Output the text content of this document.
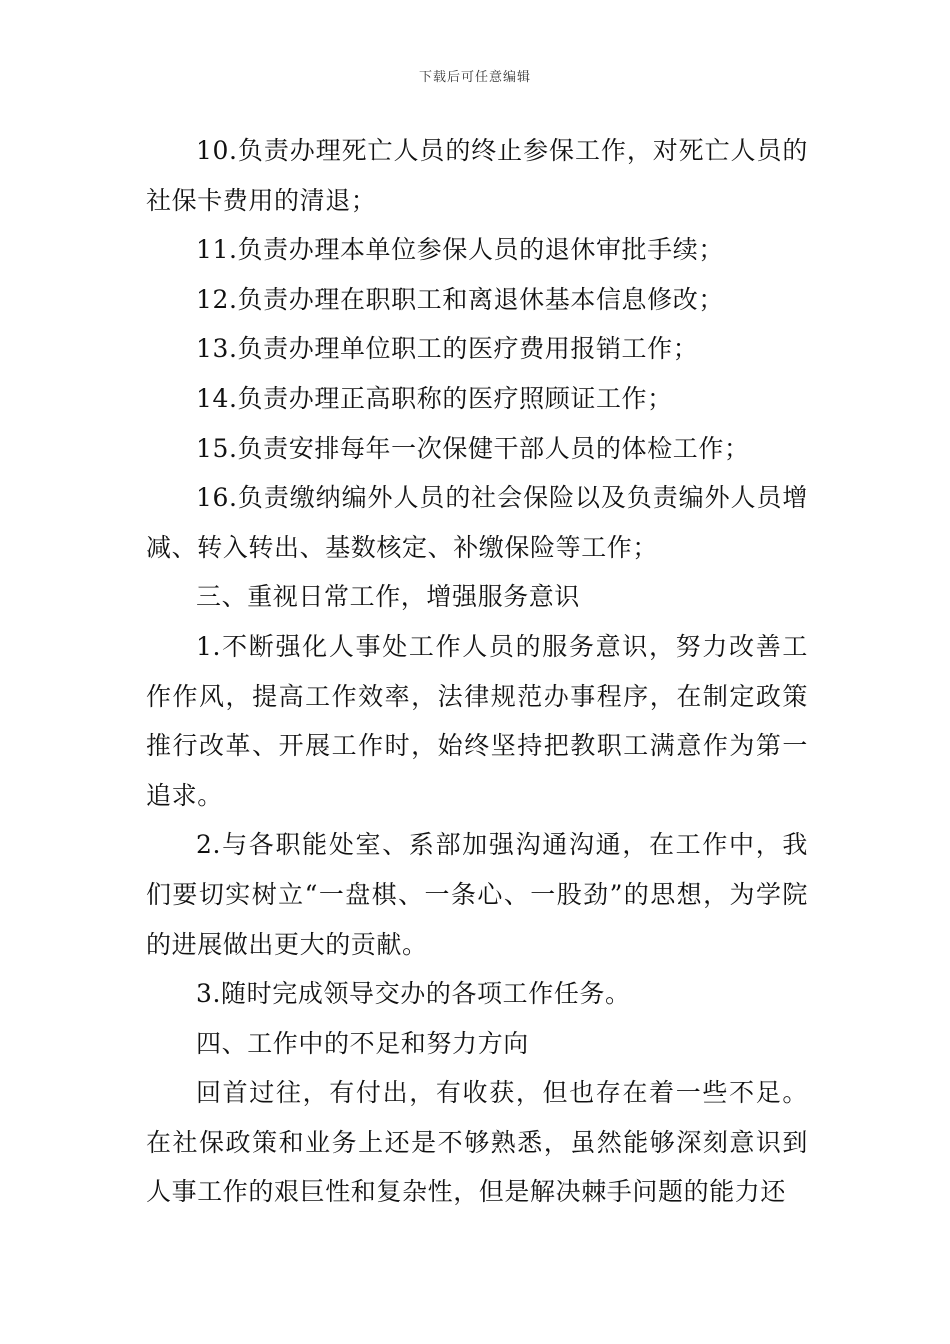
下载后可任意编辑

10.负责办理死亡人员的终止参保工作，对死亡人员的社保卡费用的清退；

11.负责办理本单位参保人员的退休审批手续；

12.负责办理在职职工和离退休基本信息修改；

13.负责办理单位职工的医疗费用报销工作；

14.负责办理正高职称的医疗照顾证工作；

15.负责安排每年一次保健干部人员的体检工作；

16.负责缴纳编外人员的社会保险以及负责编外人员增减、转入转出、基数核定、补缴保险等工作；

三、重视日常工作，增强服务意识

1.不断强化人事处工作人员的服务意识，努力改善工作作风，提高工作效率，法律规范办事程序，在制定政策推行改革、开展工作时，始终坚持把教职工满意作为第一追求。

2.与各职能处室、系部加强沟通沟通，在工作中，我们要切实树立“一盘棋、一条心、一股劲”的思想，为学院的进展做出更大的贡献。

3.随时完成领导交办的各项工作任务。

四、工作中的不足和努力方向

回首过往，有付出，有收获，但也存在着一些不足。在社保政策和业务上还是不够熟悉，虽然能够深刻意识到人事工作的艰巨性和复杂性，但是解决棘手问题的能力还
